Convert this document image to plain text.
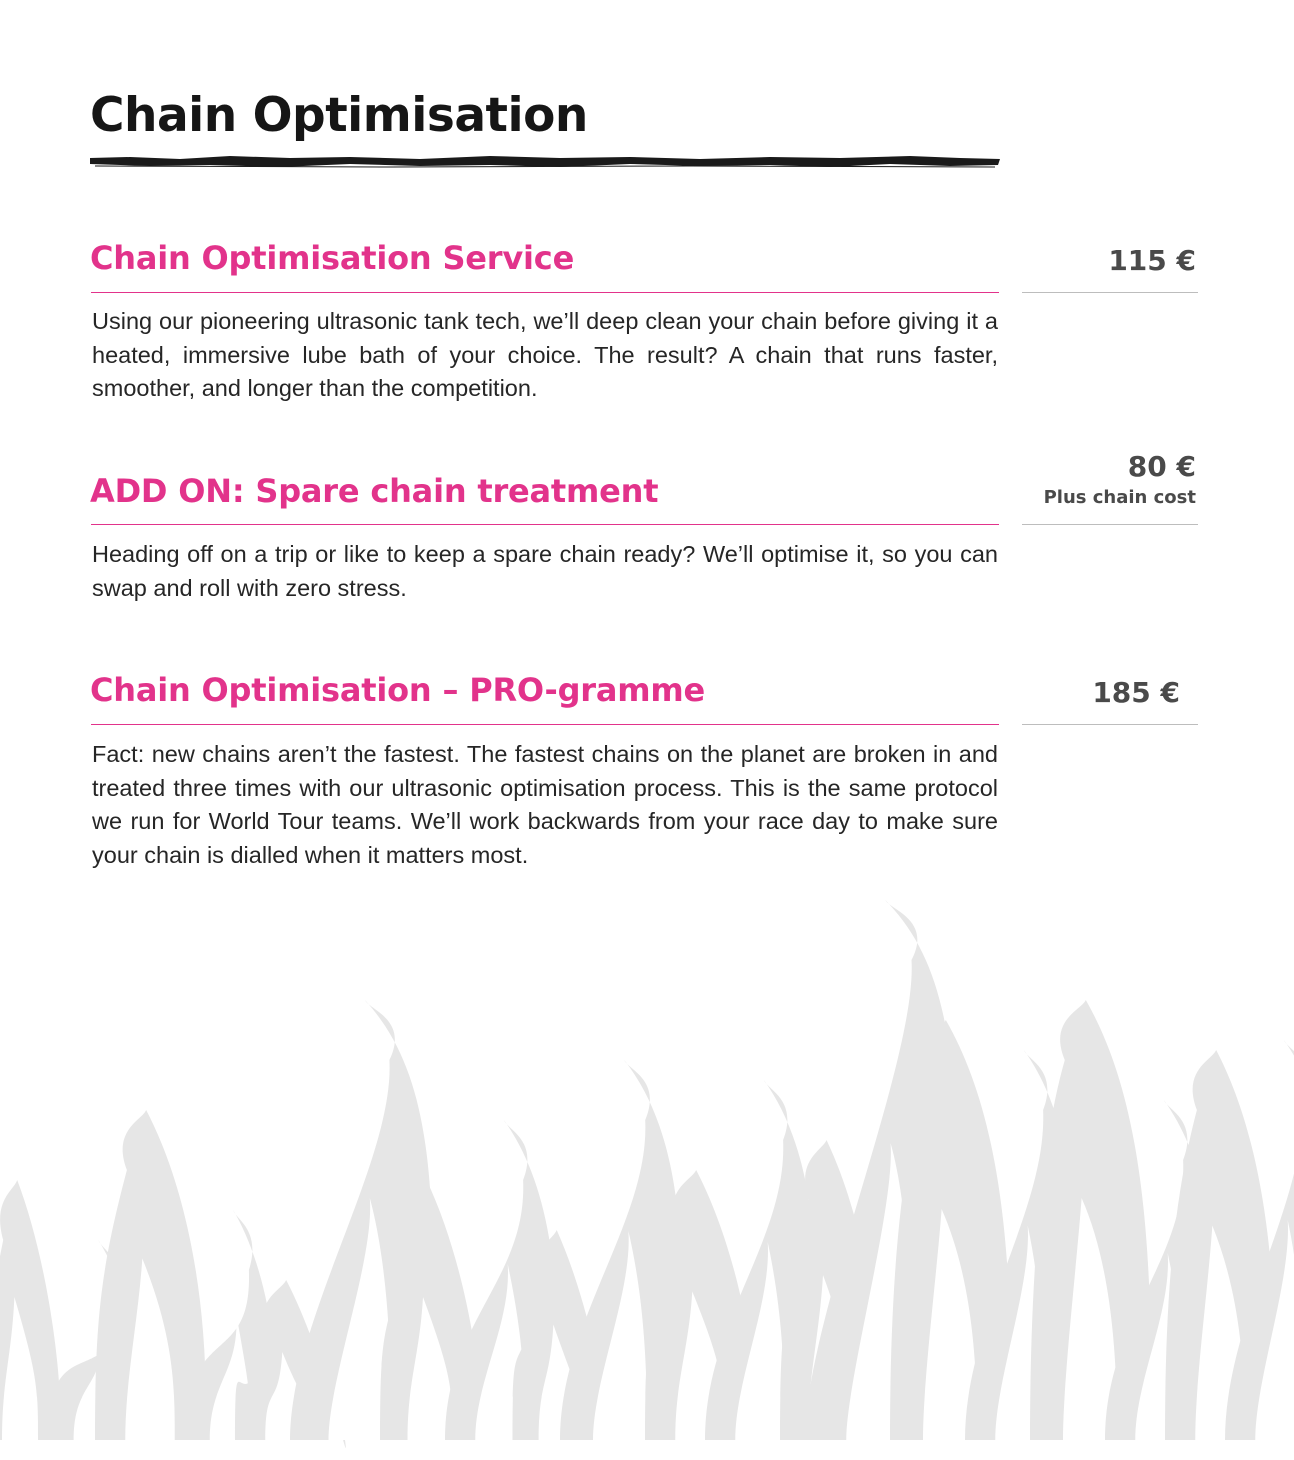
Chain Optimisation
Chain Optimisation Service	115 €

Using our pioneering ultrasonic tank tech, we’ll deep clean your chain before giving it a heated, immersive lube bath of your choice. The result? A chain that runs faster, smoother, and longer than the competition.

ADD ON: Spare chain treatment
80 €
Plus chain cost

Heading off on a trip or like to keep a spare chain ready? We’ll optimise it, so you can swap and roll with zero stress.

Chain Optimisation – PRO-gramme	185 €

Fact: new chains aren’t the fastest. The fastest chains on the planet are broken in and treated three times with our ultrasonic optimisation process. This is the same protocol we run for World Tour teams. We’ll work backwards from your race day to make sure your chain is dialled when it matters most.
